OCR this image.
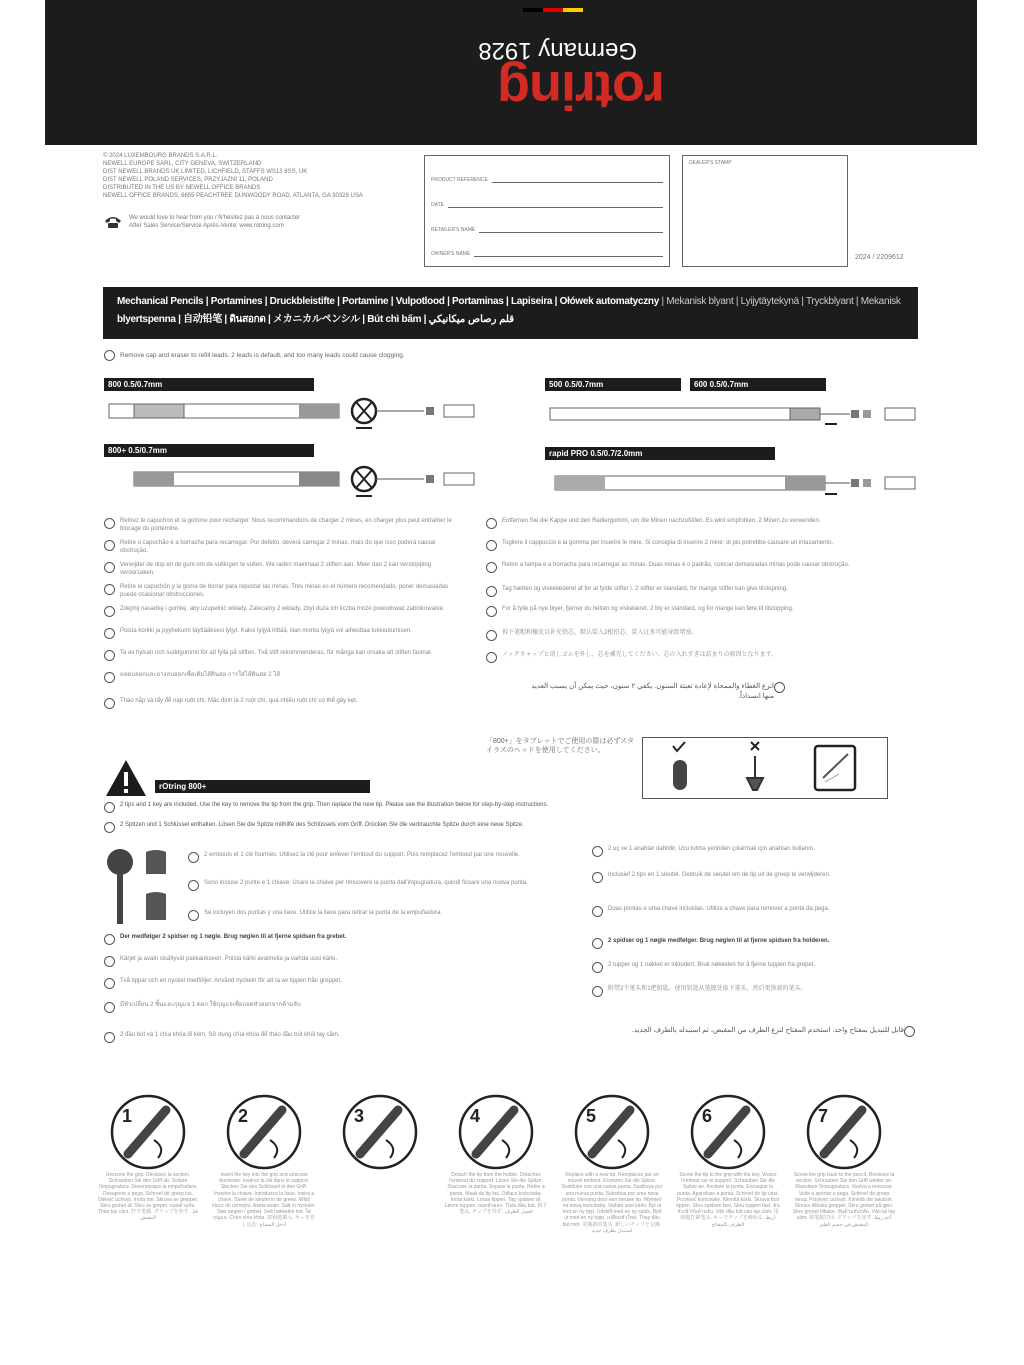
rotring
Germany 1928
© 2024 LUXEMBOURG BRANDS S.A.R.L.
NEWELL EUROPE SARL, CITY GENEVA, SWITZERLAND
DIST NEWELL BRANDS UK LIMITED, LICHFIELD, STAFFS WS13 8SS, UK
DIST NEWELL POLAND SERVICES, PRZYJAZNI 11, POLAND
DISTRIBUTED IN THE US BY NEWELL OFFICE BRANDS
NEWELL OFFICE BRANDS, 6655 PEACHTREE DUNWOODY ROAD, ATLANTA, GA 30328 USA
We would love to hear from you / N'hésitez pas à nous contacter
After Sales Service/Service Après-Vente: www.rotring.com
PRODUCT REFERENCE
DATE
RETAILER'S NAME
OWNER'S NAME
DEALER'S STAMP
2024 / 2209612
Mechanical Pencils | Portamines | Druckbleistifte | Portamine | Vulpotlood | Portaminas | Lapiseira | Ołówek automatyczny | Mekanisk blyant | Lyijytäytekynä | Tryckblyant | Mekanisk
blyertspenna | 自动铅笔 | ดินสอกด | メカニカルペンシル | Bút chì bấm | قلم رصاص ميكانيكي
Remove cap and eraser to refill leads. 2 leads is default, and too many leads could cause clogging.
800 0.5/0.7mm	500 0.5/0.7mm	600 0.5/0.7mm
800+ 0.5/0.7mm	rapid PRO 0.5/0.7/2.0mm
Retirez le capuchon et la gomme pour recharger. Nous recommandons de charger 2 mines, en charger plus peut entraîner le blocage du portemine.
Retire o capuchão e a borracha para recarregar. Por defeito, deverá carregar 2 minas, mais do que isso poderá causar obstrução.
Verwijder de dop en de gum om de vullingen te vullen. We raden maximaal 2 stiften aan. Meer dan 2 kan verstopping veroorzaken.
Retire el capuchón y la goma de borrar para repostar las minas. Tres minas es el número recomendado, poner demasiadas puede ocasionar obstrucciones.
Zdejmij nasadkę i gumkę, aby uzupełnić wkłady. Zalecamy 2 wkłady, zbyt duża ich liczba może powodować zablokowanie.
Poista korkki ja pyyhekumi täyttääksesi lyijyt. Kaksi lyijyä riittää, liian monta lyijyä voi aiheuttaa tukkeutumisen.
Ta av hylsan och suddgummit för att fylla på stiften. Två stift rekommenderas, för många kan orsaka att stiften fastnar.
ถอดปลอกและยางลบออกเพื่อเติมไส้ดินสอ การใส่ไส้ดินสอ 2 ไส้
Tháo nắp và tẩy để nạp ruột chì. Mặc định là 2 ruột chì, quá nhiều ruột chì có thể gây kẹt.
Entfernen Sie die Kappe und den Radiergummi, um die Minen nachzufüllen. Es wird empfohlen, 2 Minen zu verwenden.
Togliere il cappuccio e la gomma per inserire le mine. Si consiglia di inserire 2 mine; di più potrebbe causare un intasamento.
Retire a tampa e a borracha para recarregar as minas. Duas minas é o padrão, colocar demasiadas minas pode causar obstrução.
Tag hætten og viskelæderet af for at fylde stifter i. 2 stifter er standard, for mange stifter kan give tilstopning.
For å fylle på nye blyer, fjerner du hetten og viskelæret. 2 bly er standard, og for mange kan føre til tilstopping.
拆下笔帽和橡皮以补充铅芯，默认装入2根铅芯，装入过多可能导致堵塞。
ノックキャップと消しゴムを外し、芯を補充してください。芯の入れすぎは詰まりの原因となります。
انزع الغطاء والممحاة لإعادة تعبئة السنون. يكفي ٢ سنون، حيث يمكن أن يسبب العديد منها انسداداً.
「800+」をタブレットでご使用の際は必ずスタイラスのヘッドを使用してください。
rOtring 800+
2 tips and 1 key are included. Use the key to remove the tip from the grip. Then replace the new tip. Please see the illustration below for step-by-step instructions.
2 Spitzen und 1 Schlüssel enthalten. Lösen Sie die Spitze mithilfe des Schlüssels vom Griff. Drücken Sie die verbrauchte Spitze durch eine neue Spitze.
2 embouts et 1 clé fournies. Utilisez la clé pour enlever l'embout du support. Puis remplacez l'embout par une nouvelle.
Sono incluse 2 punte e 1 chiave. Usare la chiave per rimuovere la punta dall'impugnatura, quindi fissare una nuova punta.
Se incluyen dos puntas y una llave. Utilice la llave para retirar la punta de la empuñadura.
Der medfølger 2 spidser og 1 nøgle. Brug nøglen til at fjerne spidsen fra grebet.
Kärjet ja avain sisältyvät pakkaukseen. Poista kärki avaimella ja vaihda uusi kärki.
Två tippar och en nyckel medföljer. Använd nyckeln för att ta av tippen från greppet.
มีหัวเปลี่ยน 2 ชิ้นและกุญแจ 1 ดอก ใช้กุญแจเพื่อถอดหัวออกจากด้ามจับ
2 đầu bút và 1 chìa khóa đi kèm. Sử dụng chìa khóa để tháo đầu bút khỏi tay cầm.
2 uç ve 1 anahtar dahildir. Ucu tutma yerinden çıkarmak için anahtarı kullanın.
Inclusief 2 tips en 1 sleutel. Gebruik de sleutel om de tip uit de greep te verwijderen.
Duas pontas e uma chave incluídas. Utilize a chave para remover a ponta da pega.
2 spidser og 1 nøgle medfølger. Brug nøglen til at fjerne spidsen fra holderen.
2 tupper og 1 nøkkel er inkludert. Bruk nøkkelen for å fjerne tuppen fra grepet.
附带2个笔头和1把钥匙。使用钥匙从笔握处取下笔头，然后更换新的笔头。
قابل للتبديل بمفتاح واحد. استخدم المفتاح لنزع الطرف من المقبض، ثم استبدله بالطرف الجديد.
1
Unscrew the grip. Dévissez la section. Schrauben Sie den Griff ab. Svitare l'impugnatura. Desenrosque la empuñadura. Desaperte a pega. Schroef de greep los. Odkręć uchwyt. Irrota ote. Skruva av greppet. Skru grebet af. Skru av grepet. ถอดด้ามจับ. Tháo tay cầm. 拧下笔握. グリップを外す. فك المقبض
2
Insert the key into the grip and unscrew clockwise. Insérez la clé dans le support. Stecken Sie den Schlüssel in den Griff. Inserire la chiave. Introduzca la llave. Insira a chave. Steek de sleutel in de greep. Włóż klucz do uchwytu. Aseta avain. Sätt in nyckeln. Sæt nøglen i grebet. Sett nøkkelen inn. ใส่กุญแจ. Chèn chìa khóa. 将钥匙插入. キーを差し込む. أدخل المفتاح
3	4
Detach the tip from the holder. Détachez l'embout du support. Lösen Sie die Spitze. Staccare la punta. Separe la punta. Retire a ponta. Maak de tip los. Odłącz końcówkę. Irrota kärki. Lossa tippen. Tag spidsen af. Løsne tuppen. ถอดหัวออก. Tháo đầu bút. 拆下笔头. チップを外す. افصل الطرف
5
Replace with a new tip. Remplacez par un nouvel embout. Ersetzen Sie die Spitze. Sostituire con una nuova punta. Sustituya por una nueva punta. Substitua por uma nova ponta. Vervang door een nieuwe tip. Wymień na nową końcówkę. Vaihda uusi kärki. Byt ut mot en ny tipp. Udskift med en ny spids. Bytt ut med en ny tupp. เปลี่ยนหัวใหม่. Thay đầu bút mới. 更换新的笔头. 新しいチップと交換. استبدل بطرف جديد
6
Screw the tip to the grip with the key. Vissez l'embout sur le support. Schrauben Sie die Spitze an. Avvitare la punta. Enrosque la punta. Aparafuse a ponta. Schroef de tip vast. Przykręć końcówkę. Kiinnitä kärki. Skruva fast tippen. Skru spidsen fast. Skru tuppen fast. ขันหัวเข้ากับด้ามจับ. Vặn đầu bút vào tay cầm. 用钥匙拧紧笔头. キーでチップを締める. اربط الطرف بالمفتاح
7
Screw the grip back to the pencil. Revissez la section. Schrauben Sie den Griff wieder an. Riavvitare l'impugnatura. Vuelva a enroscar. Volte a apertar a pega. Schroef de greep terug. Przykręć uchwyt. Kiinnitä ote takaisin. Skruva tillbaka greppet. Skru grebet på igen. Skru grepet tilbake. ขันด้ามจับกลับ. Vặn lại tay cầm. 将笔握拧回. グリップを戻す. أعد ربط المقبض في جسم القلم
